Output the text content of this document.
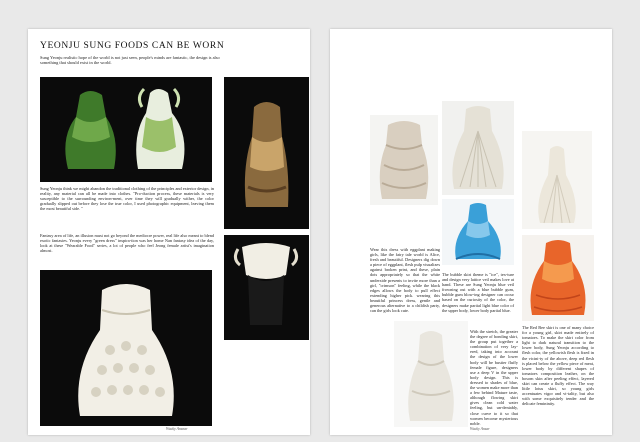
YEONJU SUNG FOODS CAN BE WORN
Sung Yeonju realistic hope of the world is not just seen, people's minds are fantastic, the design is also something that should exist in the world.
Sung Yeonju think we might abandon the traditional clothing of the principles and exterior design, in reality, any material can all be made into clothes. "Pro-duction process, these materials is very susceptible to the surrounding environ-ment, over time they will gradually wither, the color gradually slipped out before they lose the true color, I used photographic equipment, leaving them the most beautiful side. "
Fantasy area of life, an illusion must not go beyond the mediocre power, real life also meant to blend exotic fantasies. Yeonju every "green dress" inspira-tion was her home Nan fantasy idea of the day, look at these "Wearable Food" series, a lot of people who feel Jeong female artist's imagination almost.
Wacky Ansnar
Wear this dress with eggplant making girls, like the fairy tale world is Alice, fresh and beautiful. Designers dig down a piece of eggplant, flesh pulp visualizes against broken print, and these, plain dots appropriately so that the white underside presents to invite more than a girl, "crimson" feeling, while the black edges allows the body to pull effect extending higher pick. wearing this beautiful princess dress, gentle and generous alternative to a childish party, can the girls look cute.
The bubble skirt theme is "ice", tex-ture and design very lattice veil makes love at hand. These are Sung Yeonju blue veil frowning out with a blue bubble gum, bubble gum blow-ing designer can occur based on the curiosity of the color, the designers make partial light blue color of the upper body, lower body partial blue.
With the stretch, the greater the degree of bonding skirt, the group put together a combination of very lay-ered, taking into account the design of the lower body will be bustier fluffy female figure, designers use a deep V in the upper body design. This is dressed to shades of blue, the women make more than a few behind Mature taste, although flowing skirt gives clean cold water feeling, but un-deniably, close curve to it so that women become mysterious noble.
The Red Bee skirt is one of many choice for a young girl, skirt made entirely of tomatoes. To make the skirt color from light to dark natural transition to the lower body, Sung Yeonju according to flesh color, the yellowish flesh is fixed in the vicini-ty of the above, deep red flesh is placed below the yellow piece of meat, lower body by different shapes of tomatoes composition leather, on the bosom skin after peeling effect, layered skirt can create a fluffy effect. The way little lotus skirt, so young girls accentuates vigor and vi-tality, but also with some exquisitely tender and the delicate femininity.
Wacky Ansar
